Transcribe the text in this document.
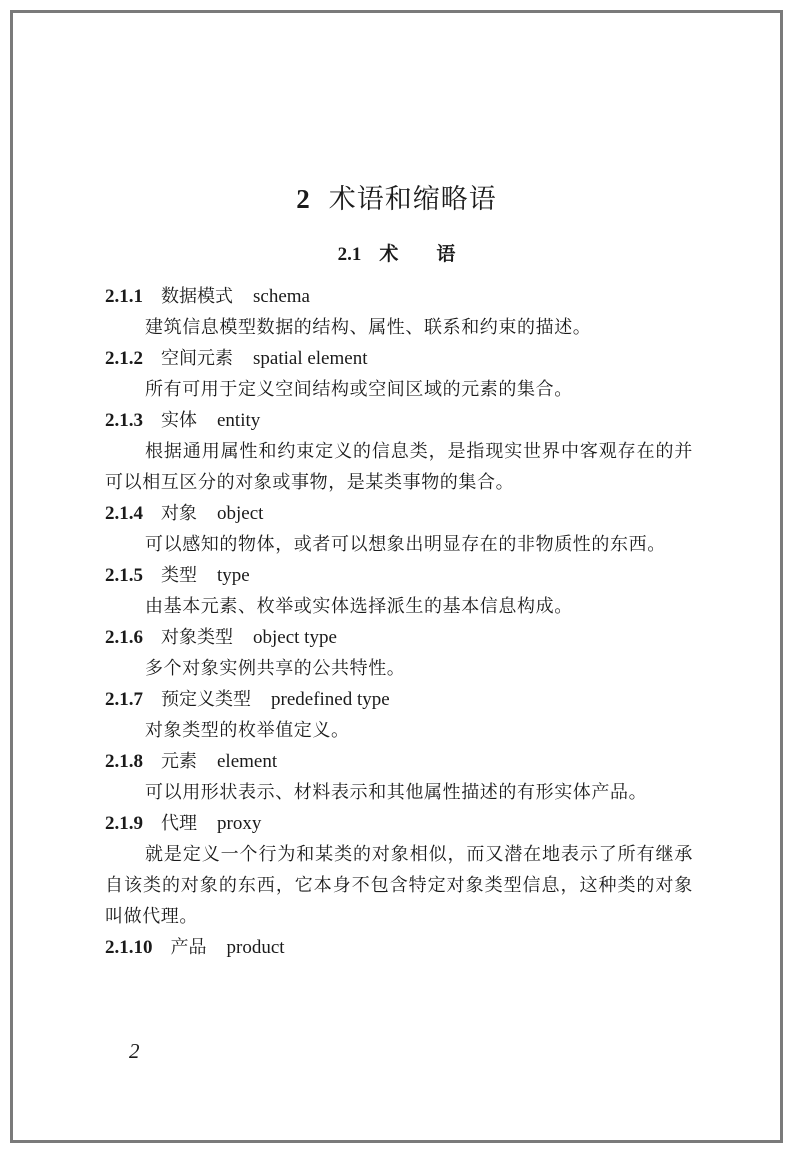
2 术语和缩略语
2.1 术 语
2.1.1 数据模式 schema
建筑信息模型数据的结构、属性、联系和约束的描述。
2.1.2 空间元素 spatial element
所有可用于定义空间结构或空间区域的元素的集合。
2.1.3 实体 entity
根据通用属性和约束定义的信息类，是指现实世界中客观存在的并可以相互区分的对象或事物，是某类事物的集合。
2.1.4 对象 object
可以感知的物体，或者可以想象出明显存在的非物质性的东西。
2.1.5 类型 type
由基本元素、枚举或实体选择派生的基本信息构成。
2.1.6 对象类型 object type
多个对象实例共享的公共特性。
2.1.7 预定义类型 predefined type
对象类型的枚举值定义。
2.1.8 元素 element
可以用形状表示、材料表示和其他属性描述的有形实体产品。
2.1.9 代理 proxy
就是定义一个行为和某类的对象相似，而又潜在地表示了所有继承自该类的对象的东西，它本身不包含特定对象类型信息，这种类的对象叫做代理。
2.1.10 产品 product
2
